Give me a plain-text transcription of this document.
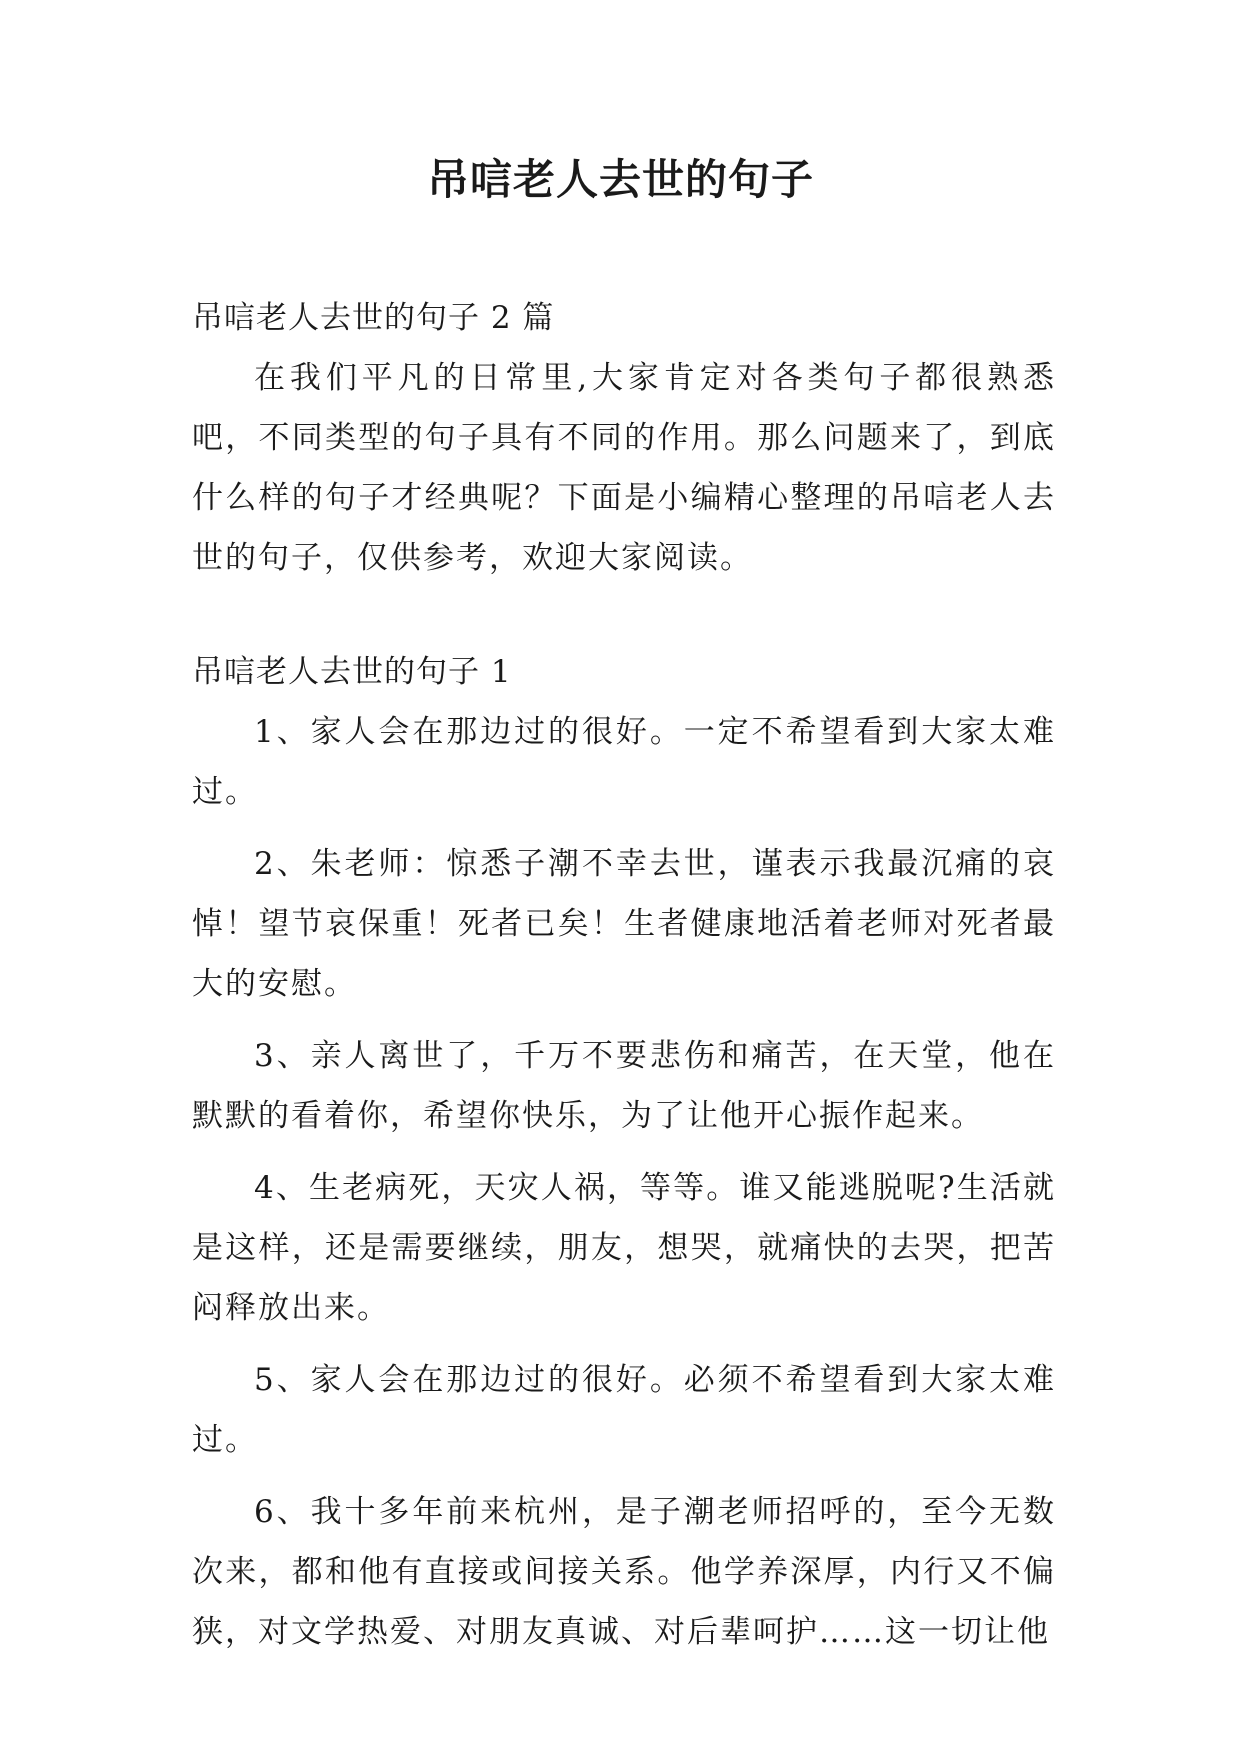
吊唁老人去世的句子

吊唁老人去世的句子 2 篇

在我们平凡的日常里,大家肯定对各类句子都很熟悉吧，不同类型的句子具有不同的作用。那么问题来了，到底什么样的句子才经典呢？下面是小编精心整理的吊唁老人去世的句子，仅供参考，欢迎大家阅读。

吊唁老人去世的句子 1

1、家人会在那边过的很好。一定不希望看到大家太难过。

2、朱老师：惊悉子潮不幸去世，谨表示我最沉痛的哀悼！望节哀保重！死者已矣！生者健康地活着老师对死者最大的安慰。

3、亲人离世了，千万不要悲伤和痛苦，在天堂，他在默默的看着你，希望你快乐，为了让他开心振作起来。

4、生老病死，天灾人祸，等等。谁又能逃脱呢?生活就是这样，还是需要继续，朋友，想哭，就痛快的去哭，把苦闷释放出来。

5、家人会在那边过的很好。必须不希望看到大家太难过。

6、我十多年前来杭州，是子潮老师招呼的，至今无数次来，都和他有直接或间接关系。他学养深厚，内行又不偏狭，对文学热爱、对朋友真诚、对后辈呵护……这一切让他
